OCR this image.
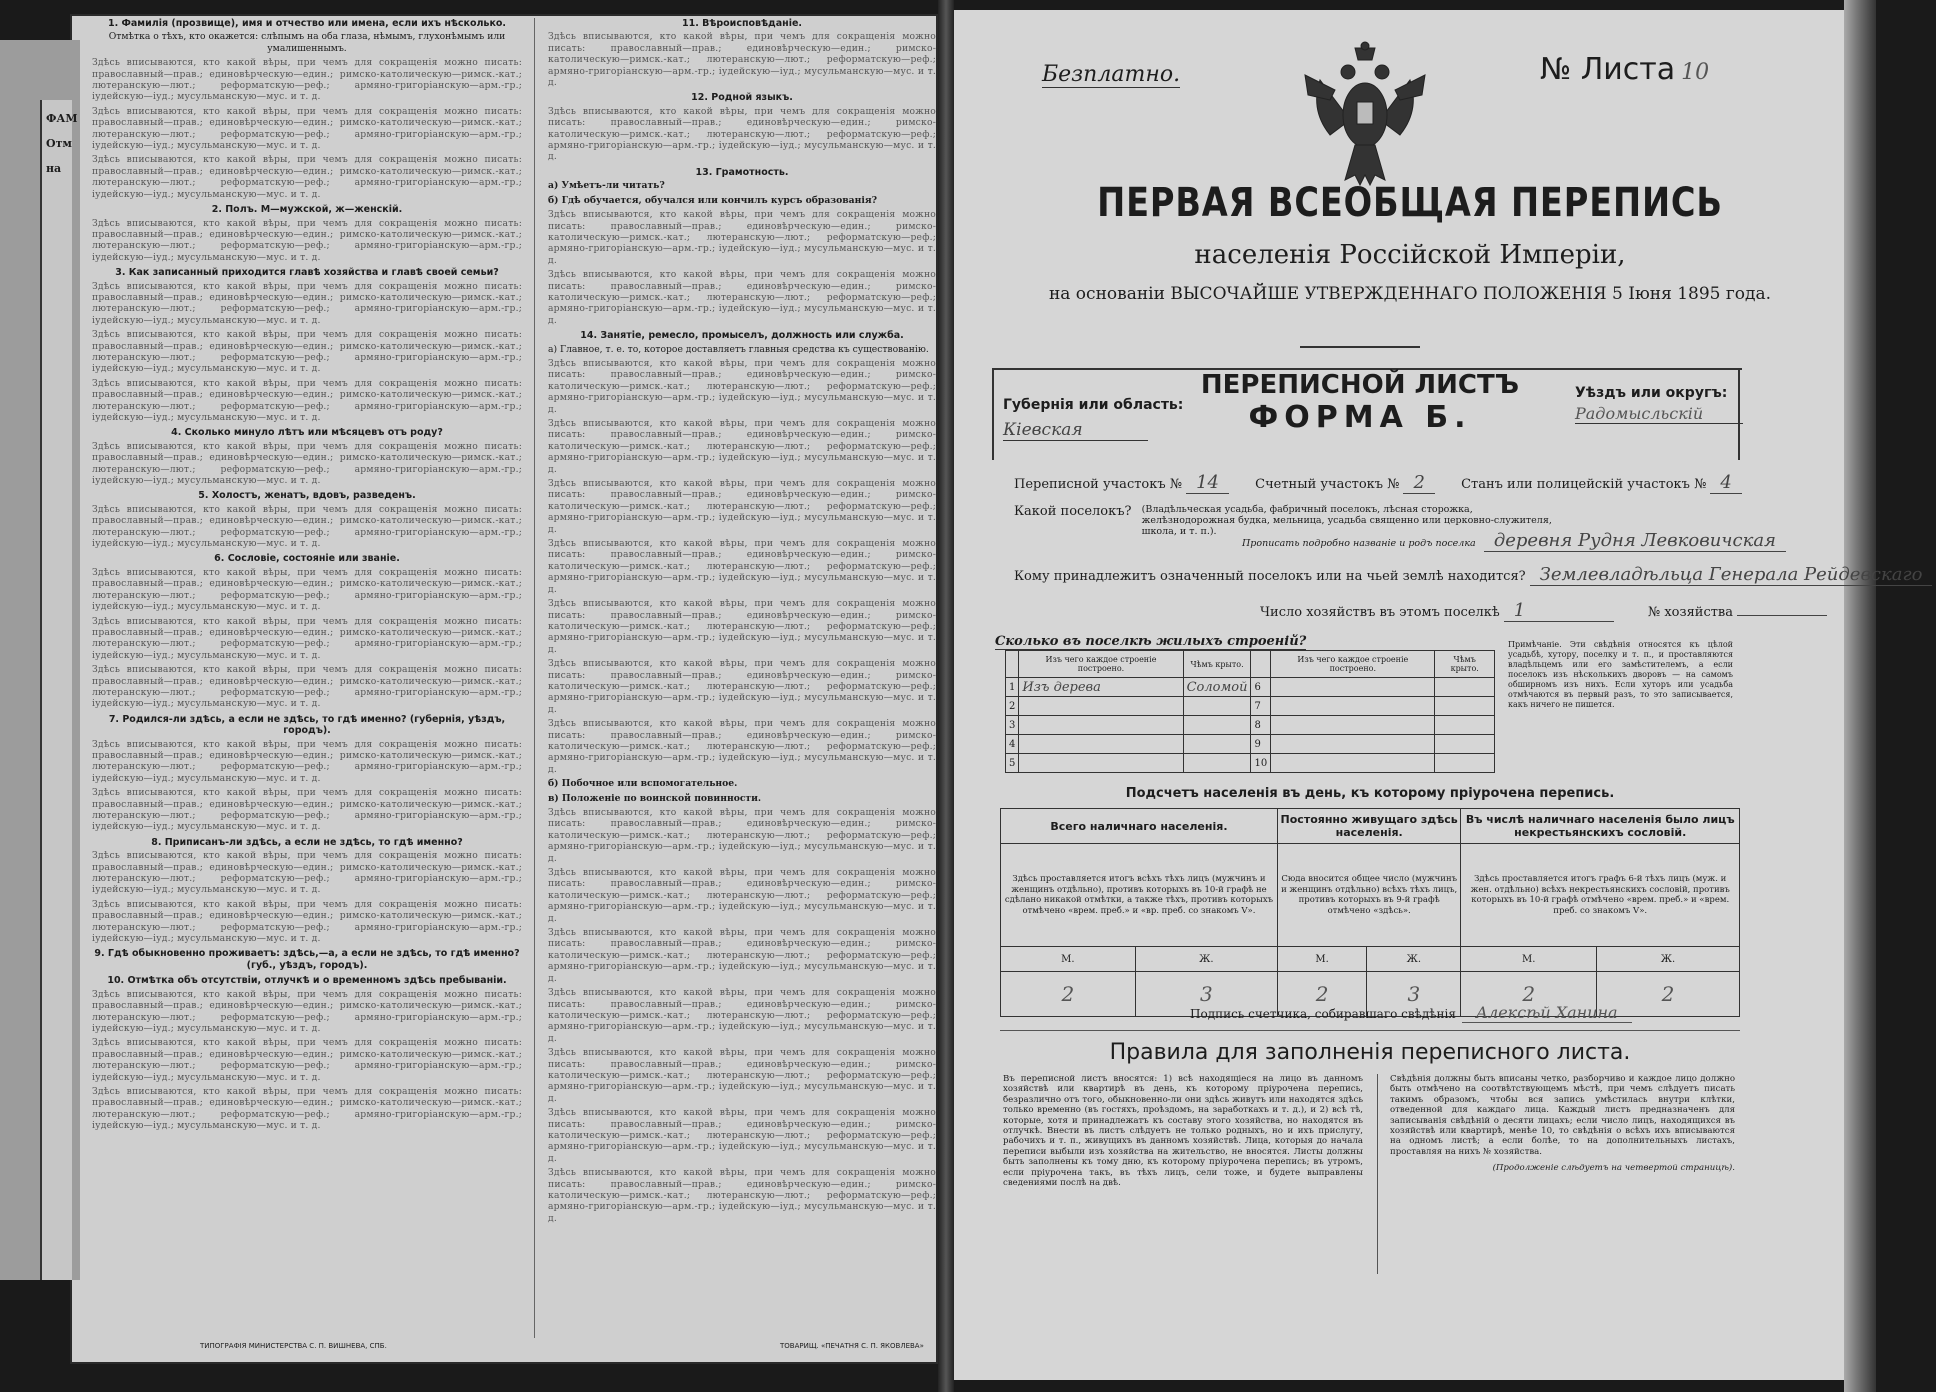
ФАМ
Отм
на
1. Фамилія (прозвище), имя и отчество или имена, если ихъ нѣсколько.

Отмѣтка о тѣхъ, кто окажется: слѣпымъ на оба глаза, нѣмымъ, глухонѣмымъ или умалишеннымъ.

Здѣсь вписываются, кто какой вѣры, при чемъ для сокращенія можно писать: православный—прав.; единовѣрческую—един.; римско-католическую—римск.-кат.; лютеранскую—лют.; реформатскую—реф.; армяно-григоріанскую—арм.-гр.; іудейскую—іуд.; мусульманскую—мус. и т. д.

Здѣсь вписываются, кто какой вѣры, при чемъ для сокращенія можно писать: православный—прав.; единовѣрческую—един.; римско-католическую—римск.-кат.; лютеранскую—лют.; реформатскую—реф.; армяно-григоріанскую—арм.-гр.; іудейскую—іуд.; мусульманскую—мус. и т. д.

Здѣсь вписываются, кто какой вѣры, при чемъ для сокращенія можно писать: православный—прав.; единовѣрческую—един.; римско-католическую—римск.-кат.; лютеранскую—лют.; реформатскую—реф.; армяно-григоріанскую—арм.-гр.; іудейскую—іуд.; мусульманскую—мус. и т. д.

2. Полъ. М—мужской, ж—женскій.

Здѣсь вписываются, кто какой вѣры, при чемъ для сокращенія можно писать: православный—прав.; единовѣрческую—един.; римско-католическую—римск.-кат.; лютеранскую—лют.; реформатскую—реф.; армяно-григоріанскую—арм.-гр.; іудейскую—іуд.; мусульманскую—мус. и т. д.

3. Как записанный приходится главѣ хозяйства и главѣ своей семьи?

Здѣсь вписываются, кто какой вѣры, при чемъ для сокращенія можно писать: православный—прав.; единовѣрческую—един.; римско-католическую—римск.-кат.; лютеранскую—лют.; реформатскую—реф.; армяно-григоріанскую—арм.-гр.; іудейскую—іуд.; мусульманскую—мус. и т. д.

Здѣсь вписываются, кто какой вѣры, при чемъ для сокращенія можно писать: православный—прав.; единовѣрческую—един.; римско-католическую—римск.-кат.; лютеранскую—лют.; реформатскую—реф.; армяно-григоріанскую—арм.-гр.; іудейскую—іуд.; мусульманскую—мус. и т. д.

Здѣсь вписываются, кто какой вѣры, при чемъ для сокращенія можно писать: православный—прав.; единовѣрческую—един.; римско-католическую—римск.-кат.; лютеранскую—лют.; реформатскую—реф.; армяно-григоріанскую—арм.-гр.; іудейскую—іуд.; мусульманскую—мус. и т. д.

4. Сколько минуло лѣтъ или мѣсяцевъ отъ роду?

Здѣсь вписываются, кто какой вѣры, при чемъ для сокращенія можно писать: православный—прав.; единовѣрческую—един.; римско-католическую—римск.-кат.; лютеранскую—лют.; реформатскую—реф.; армяно-григоріанскую—арм.-гр.; іудейскую—іуд.; мусульманскую—мус. и т. д.

5. Холостъ, женатъ, вдовъ, разведенъ.

Здѣсь вписываются, кто какой вѣры, при чемъ для сокращенія можно писать: православный—прав.; единовѣрческую—един.; римско-католическую—римск.-кат.; лютеранскую—лют.; реформатскую—реф.; армяно-григоріанскую—арм.-гр.; іудейскую—іуд.; мусульманскую—мус. и т. д.

6. Сословіе, состояніе или званіе.

Здѣсь вписываются, кто какой вѣры, при чемъ для сокращенія можно писать: православный—прав.; единовѣрческую—един.; римско-католическую—римск.-кат.; лютеранскую—лют.; реформатскую—реф.; армяно-григоріанскую—арм.-гр.; іудейскую—іуд.; мусульманскую—мус. и т. д.

Здѣсь вписываются, кто какой вѣры, при чемъ для сокращенія можно писать: православный—прав.; единовѣрческую—един.; римско-католическую—римск.-кат.; лютеранскую—лют.; реформатскую—реф.; армяно-григоріанскую—арм.-гр.; іудейскую—іуд.; мусульманскую—мус. и т. д.

Здѣсь вписываются, кто какой вѣры, при чемъ для сокращенія можно писать: православный—прав.; единовѣрческую—един.; римско-католическую—римск.-кат.; лютеранскую—лют.; реформатскую—реф.; армяно-григоріанскую—арм.-гр.; іудейскую—іуд.; мусульманскую—мус. и т. д.

7. Родился-ли здѣсь, а если не здѣсь, то гдѣ именно? (губернія, уѣздъ, городъ).

Здѣсь вписываются, кто какой вѣры, при чемъ для сокращенія можно писать: православный—прав.; единовѣрческую—един.; римско-католическую—римск.-кат.; лютеранскую—лют.; реформатскую—реф.; армяно-григоріанскую—арм.-гр.; іудейскую—іуд.; мусульманскую—мус. и т. д.

Здѣсь вписываются, кто какой вѣры, при чемъ для сокращенія можно писать: православный—прав.; единовѣрческую—един.; римско-католическую—римск.-кат.; лютеранскую—лют.; реформатскую—реф.; армяно-григоріанскую—арм.-гр.; іудейскую—іуд.; мусульманскую—мус. и т. д.

8. Приписанъ-ли здѣсь, а если не здѣсь, то гдѣ именно?

Здѣсь вписываются, кто какой вѣры, при чемъ для сокращенія можно писать: православный—прав.; единовѣрческую—един.; римско-католическую—римск.-кат.; лютеранскую—лют.; реформатскую—реф.; армяно-григоріанскую—арм.-гр.; іудейскую—іуд.; мусульманскую—мус. и т. д.

Здѣсь вписываются, кто какой вѣры, при чемъ для сокращенія можно писать: православный—прав.; единовѣрческую—един.; римско-католическую—римск.-кат.; лютеранскую—лют.; реформатскую—реф.; армяно-григоріанскую—арм.-гр.; іудейскую—іуд.; мусульманскую—мус. и т. д.

9. Гдѣ обыкновенно проживаетъ: здѣсь,—а, а если не здѣсь, то гдѣ именно? (губ., уѣздъ, городъ).
10. Отмѣтка объ отсутствіи, отлучкѣ и о временномъ здѣсь пребываніи.

Здѣсь вписываются, кто какой вѣры, при чемъ для сокращенія можно писать: православный—прав.; единовѣрческую—един.; римско-католическую—римск.-кат.; лютеранскую—лют.; реформатскую—реф.; армяно-григоріанскую—арм.-гр.; іудейскую—іуд.; мусульманскую—мус. и т. д.

Здѣсь вписываются, кто какой вѣры, при чемъ для сокращенія можно писать: православный—прав.; единовѣрческую—един.; римско-католическую—римск.-кат.; лютеранскую—лют.; реформатскую—реф.; армяно-григоріанскую—арм.-гр.; іудейскую—іуд.; мусульманскую—мус. и т. д.

Здѣсь вписываются, кто какой вѣры, при чемъ для сокращенія можно писать: православный—прав.; единовѣрческую—един.; римско-католическую—римск.-кат.; лютеранскую—лют.; реформатскую—реф.; армяно-григоріанскую—арм.-гр.; іудейскую—іуд.; мусульманскую—мус. и т. д.

11. Вѣроисповѣданіе.

Здѣсь вписываются, кто какой вѣры, при чемъ для сокращенія можно писать: православный—прав.; единовѣрческую—един.; римско-католическую—римск.-кат.; лютеранскую—лют.; реформатскую—реф.; армяно-григоріанскую—арм.-гр.; іудейскую—іуд.; мусульманскую—мус. и т. д.

12. Родной языкъ.

Здѣсь вписываются, кто какой вѣры, при чемъ для сокращенія можно писать: православный—прав.; единовѣрческую—един.; римско-католическую—римск.-кат.; лютеранскую—лют.; реформатскую—реф.; армяно-григоріанскую—арм.-гр.; іудейскую—іуд.; мусульманскую—мус. и т. д.

13. Грамотность.

а) Умѣетъ-ли читать?

б) Гдѣ обучается, обучался или кончилъ курсъ образованія?

Здѣсь вписываются, кто какой вѣры, при чемъ для сокращенія можно писать: православный—прав.; единовѣрческую—един.; римско-католическую—римск.-кат.; лютеранскую—лют.; реформатскую—реф.; армяно-григоріанскую—арм.-гр.; іудейскую—іуд.; мусульманскую—мус. и т. д.

Здѣсь вписываются, кто какой вѣры, при чемъ для сокращенія можно писать: православный—прав.; единовѣрческую—един.; римско-католическую—римск.-кат.; лютеранскую—лют.; реформатскую—реф.; армяно-григоріанскую—арм.-гр.; іудейскую—іуд.; мусульманскую—мус. и т. д.

14. Занятіе, ремесло, промыселъ, должность или служба.

а) Главное, т. е. то, которое доставляетъ главныя средства къ существованію.

Здѣсь вписываются, кто какой вѣры, при чемъ для сокращенія можно писать: православный—прав.; единовѣрческую—един.; римско-католическую—римск.-кат.; лютеранскую—лют.; реформатскую—реф.; армяно-григоріанскую—арм.-гр.; іудейскую—іуд.; мусульманскую—мус. и т. д.

Здѣсь вписываются, кто какой вѣры, при чемъ для сокращенія можно писать: православный—прав.; единовѣрческую—един.; римско-католическую—римск.-кат.; лютеранскую—лют.; реформатскую—реф.; армяно-григоріанскую—арм.-гр.; іудейскую—іуд.; мусульманскую—мус. и т. д.

Здѣсь вписываются, кто какой вѣры, при чемъ для сокращенія можно писать: православный—прав.; единовѣрческую—един.; римско-католическую—римск.-кат.; лютеранскую—лют.; реформатскую—реф.; армяно-григоріанскую—арм.-гр.; іудейскую—іуд.; мусульманскую—мус. и т. д.

Здѣсь вписываются, кто какой вѣры, при чемъ для сокращенія можно писать: православный—прав.; единовѣрческую—един.; римско-католическую—римск.-кат.; лютеранскую—лют.; реформатскую—реф.; армяно-григоріанскую—арм.-гр.; іудейскую—іуд.; мусульманскую—мус. и т. д.

Здѣсь вписываются, кто какой вѣры, при чемъ для сокращенія можно писать: православный—прав.; единовѣрческую—един.; римско-католическую—римск.-кат.; лютеранскую—лют.; реформатскую—реф.; армяно-григоріанскую—арм.-гр.; іудейскую—іуд.; мусульманскую—мус. и т. д.

Здѣсь вписываются, кто какой вѣры, при чемъ для сокращенія можно писать: православный—прав.; единовѣрческую—един.; римско-католическую—римск.-кат.; лютеранскую—лют.; реформатскую—реф.; армяно-григоріанскую—арм.-гр.; іудейскую—іуд.; мусульманскую—мус. и т. д.

Здѣсь вписываются, кто какой вѣры, при чемъ для сокращенія можно писать: православный—прав.; единовѣрческую—един.; римско-католическую—римск.-кат.; лютеранскую—лют.; реформатскую—реф.; армяно-григоріанскую—арм.-гр.; іудейскую—іуд.; мусульманскую—мус. и т. д.

б) Побочное или вспомогательное.

в) Положеніе по воинской повинности.

Здѣсь вписываются, кто какой вѣры, при чемъ для сокращенія можно писать: православный—прав.; единовѣрческую—един.; римско-католическую—римск.-кат.; лютеранскую—лют.; реформатскую—реф.; армяно-григоріанскую—арм.-гр.; іудейскую—іуд.; мусульманскую—мус. и т. д.

Здѣсь вписываются, кто какой вѣры, при чемъ для сокращенія можно писать: православный—прав.; единовѣрческую—един.; римско-католическую—римск.-кат.; лютеранскую—лют.; реформатскую—реф.; армяно-григоріанскую—арм.-гр.; іудейскую—іуд.; мусульманскую—мус. и т. д.

Здѣсь вписываются, кто какой вѣры, при чемъ для сокращенія можно писать: православный—прав.; единовѣрческую—един.; римско-католическую—римск.-кат.; лютеранскую—лют.; реформатскую—реф.; армяно-григоріанскую—арм.-гр.; іудейскую—іуд.; мусульманскую—мус. и т. д.

Здѣсь вписываются, кто какой вѣры, при чемъ для сокращенія можно писать: православный—прав.; единовѣрческую—един.; римско-католическую—римск.-кат.; лютеранскую—лют.; реформатскую—реф.; армяно-григоріанскую—арм.-гр.; іудейскую—іуд.; мусульманскую—мус. и т. д.

Здѣсь вписываются, кто какой вѣры, при чемъ для сокращенія можно писать: православный—прав.; единовѣрческую—един.; римско-католическую—римск.-кат.; лютеранскую—лют.; реформатскую—реф.; армяно-григоріанскую—арм.-гр.; іудейскую—іуд.; мусульманскую—мус. и т. д.

Здѣсь вписываются, кто какой вѣры, при чемъ для сокращенія можно писать: православный—прав.; единовѣрческую—един.; римско-католическую—римск.-кат.; лютеранскую—лют.; реформатскую—реф.; армяно-григоріанскую—арм.-гр.; іудейскую—іуд.; мусульманскую—мус. и т. д.

Здѣсь вписываются, кто какой вѣры, при чемъ для сокращенія можно писать: православный—прав.; единовѣрческую—един.; римско-католическую—римск.-кат.; лютеранскую—лют.; реформатскую—реф.; армяно-григоріанскую—арм.-гр.; іудейскую—іуд.; мусульманскую—мус. и т. д.

ТИПОГРАФІЯ МИНИСТЕРСТВА С. П. ВИШНЕВА, СПБ.	ТОВАРИЩ. «ПЕЧАТНЯ С. П. ЯКОВЛЕВА»
Безплатно.	№ Листа 10
ПЕРВАЯ ВСЕОБЩАЯ ПЕРЕПИСЬ
населенія Россійской Имперіи,
на основаніи ВЫСОЧАЙШЕ УТВЕРЖДЕННАГО ПОЛОЖЕНІЯ 5 Іюня 1895 года.
Губернія или область:
Кіевская
ПЕРЕПИСНОЙ ЛИСТЪ
ФОРМА Б.
Уѣздъ или округъ:
Радомысльскій
Переписной участокъ № 14	Счетный участокъ № 2	Станъ или полицейскій участокъ № 4
Какой поселокъ? (Владѣльческая усадьба, фабричный поселокъ, лѣсная сторожка, желѣзнодорожная будка, мельница, усадьба священно или церковно-служителя, школа, и т. п.).
Прописать подробно названіе и родъ поселка деревня Рудня Левковичская
Кому принадлежитъ означенный поселокъ или на чьей землѣ находится? Землевладѣльца Генерала Рейдевскаго
Число хозяйствъ въ этомъ поселкѣ 1	№ хозяйства
Сколько въ поселкѣ жилыхъ строеній?
	Изъ чего каждое строеніе построено.	Чѣмъ крыто.		Изъ чего каждое строеніе построено.	Чѣмъ крыто.
1	Изъ дерева	Соломой	6		
2			7		
3			8		
4			9		
5			10		
Примѣчаніе. Эти свѣдѣнія относятся къ цѣлой усадьбѣ, хутору, поселку и т. п., и проставляются владѣльцемъ или его замѣстителемъ, а если поселокъ изъ нѣсколькихъ дворовъ — на самомъ обширномъ изъ нихъ. Если хуторъ или усадьба отмѣчаются въ первый разъ, то это записывается, какъ ничего не пишется.
Подсчетъ населенія въ день, къ которому пріурочена перепись.
Всего наличнаго населенія.		Постоянно живущаго здѣсь населенія.		Въ числѣ наличнаго населенія было лицъ некрестьянскихъ сословій.	
Здѣсь проставляется итогъ всѣхъ тѣхъ лицъ (мужчинъ и женщинъ отдѣльно), противъ которыхъ въ 10-й графѣ не сдѣлано никакой отмѣтки, а также тѣхъ, противъ которыхъ отмѣчено «врем. преб.» и «вр. преб. со знакомъ V».		Сюда вносится общее число (мужчинъ и женщинъ отдѣльно) всѣхъ тѣхъ лицъ, противъ которыхъ въ 9-й графѣ отмѣчено «здѣсь».		Здѣсь проставляется итогъ графъ 6-й тѣхъ лицъ (муж. и жен. отдѣльно) всѣхъ некрестьянскихъ сословій, противъ которыхъ въ 10-й графѣ отмѣчено «врем. преб.» и «врем. преб. со знакомъ V».	
М.	Ж.	М.	Ж.	М.	Ж.
2	3	2	3	2	2
Подпись счетчика, собиравшаго свѣдѣнія Алексѣй Ханина
Правила для заполненія переписного листа.
Въ переписной листъ вносятся: 1) всѣ находящіеся на лицо въ данномъ хозяйствѣ или квартирѣ въ день, къ которому пріурочена перепись, безразлично отъ того, обыкновенно-ли они здѣсь живутъ или находятся здѣсь только временно (въ гостяхъ, проѣздомъ, на заработкахъ и т. д.), и 2) всѣ тѣ, которые, хотя и принадлежатъ къ составу этого хозяйства, но находятся въ отлучкѣ. Внести въ листъ слѣдуетъ не только родныхъ, но и ихъ прислугу, рабочихъ и т. п., живущихъ въ данномъ хозяйствѣ. Лица, которыя до начала переписи выбыли изъ хозяйства на жительство, не вносятся. Листы должны быть заполнены къ тому дню, къ которому пріурочена перепись; въ утромъ, если пріурочена такъ, въ тѣхъ лицъ, сели тоже, и будете выправлены сведениями послѣ на двѣ.
Свѣдѣнія должны быть вписаны четко, разборчиво и каждое лицо должно быть отмѣчено на соотвѣтствующемъ мѣстѣ, при чемъ слѣдуетъ писать такимъ образомъ, чтобы вся запись умѣстилась внутри клѣтки, отведенной для каждаго лица. Каждый листъ предназначенъ для записыванія свѣдѣній о десяти лицахъ; если число лицъ, находящихся въ хозяйствѣ или квартирѣ, менѣе 10, то свѣдѣнія о всѣхъ ихъ вписываются на одномъ листѣ; а если болѣе, то на дополнительныхъ листахъ, проставляя на нихъ № хозяйства.
(Продолженіе слѣдуетъ на четвертой страницѣ).
